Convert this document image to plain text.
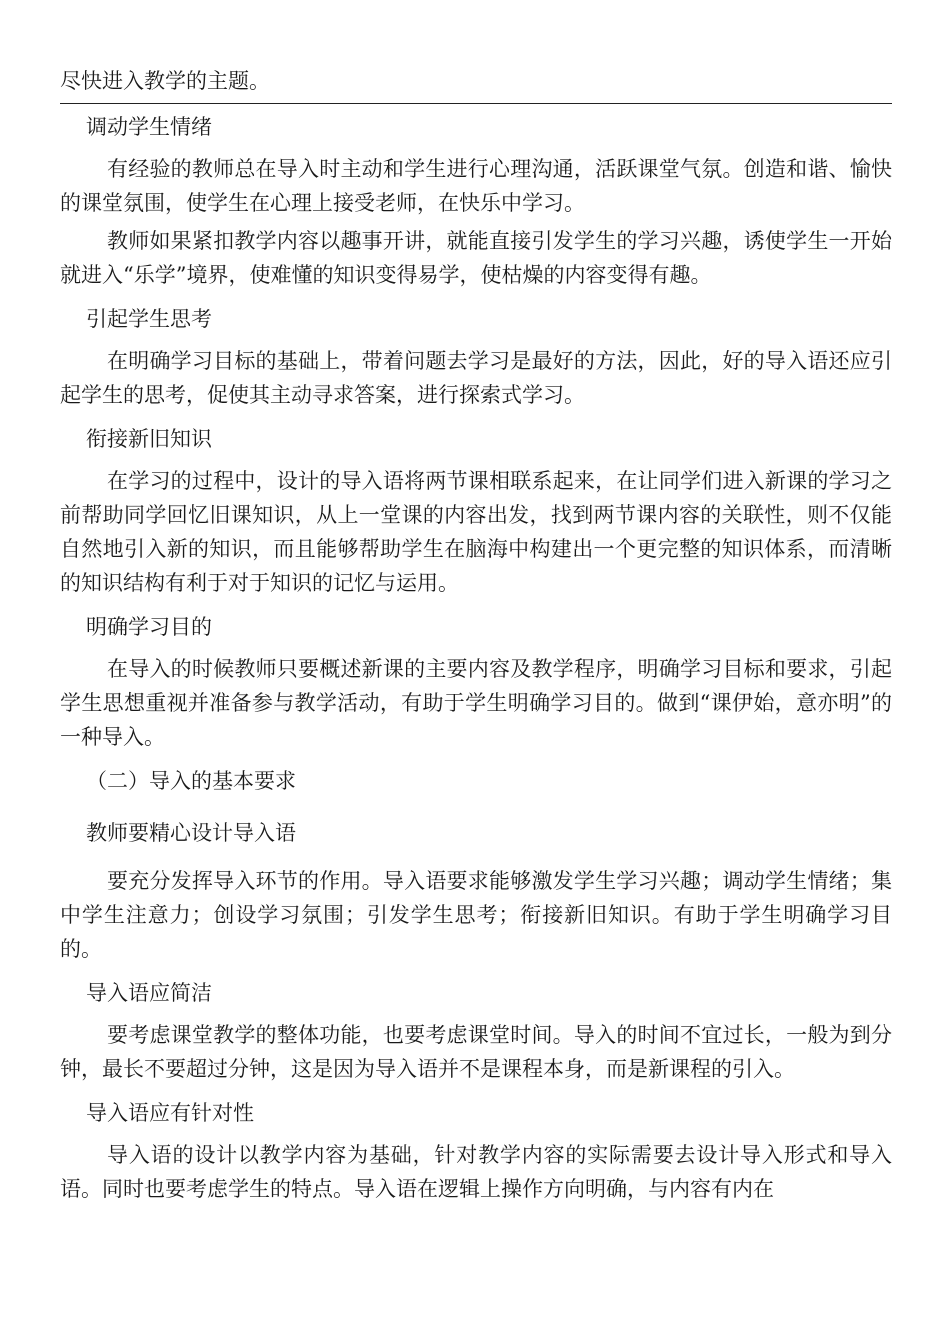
尽快进入教学的主题。

调动学生情绪

有经验的教师总在导入时主动和学生进行心理沟通，活跃课堂气氛。创造和谐、愉快的课堂氛围，使学生在心理上接受老师，在快乐中学习。

教师如果紧扣教学内容以趣事开讲，就能直接引发学生的学习兴趣，诱使学生一开始就进入“乐学”境界，使难懂的知识变得易学，使枯燥的内容变得有趣。

引起学生思考

在明确学习目标的基础上，带着问题去学习是最好的方法，因此，好的导入语还应引起学生的思考，促使其主动寻求答案，进行探索式学习。

衔接新旧知识

在学习的过程中，设计的导入语将两节课相联系起来，在让同学们进入新课的学习之前帮助同学回忆旧课知识，从上一堂课的内容出发，找到两节课内容的关联性，则不仅能自然地引入新的知识，而且能够帮助学生在脑海中构建出一个更完整的知识体系，而清晰的知识结构有利于对于知识的记忆与运用。

明确学习目的

在导入的时候教师只要概述新课的主要内容及教学程序，明确学习目标和要求，引起学生思想重视并准备参与教学活动，有助于学生明确学习目的。做到“课伊始，意亦明”的一种导入。

（二）导入的基本要求

教师要精心设计导入语

要充分发挥导入环节的作用。导入语要求能够激发学生学习兴趣；调动学生情绪；集中学生注意力；创设学习氛围；引发学生思考；衔接新旧知识。有助于学生明确学习目的。

导入语应简洁

要考虑课堂教学的整体功能，也要考虑课堂时间。导入的时间不宜过长，一般为到分钟，最长不要超过分钟，这是因为导入语并不是课程本身，而是新课程的引入。

导入语应有针对性

导入语的设计以教学内容为基础，针对教学内容的实际需要去设计导入形式和导入语。同时也要考虑学生的特点。导入语在逻辑上操作方向明确，与内容有内在
